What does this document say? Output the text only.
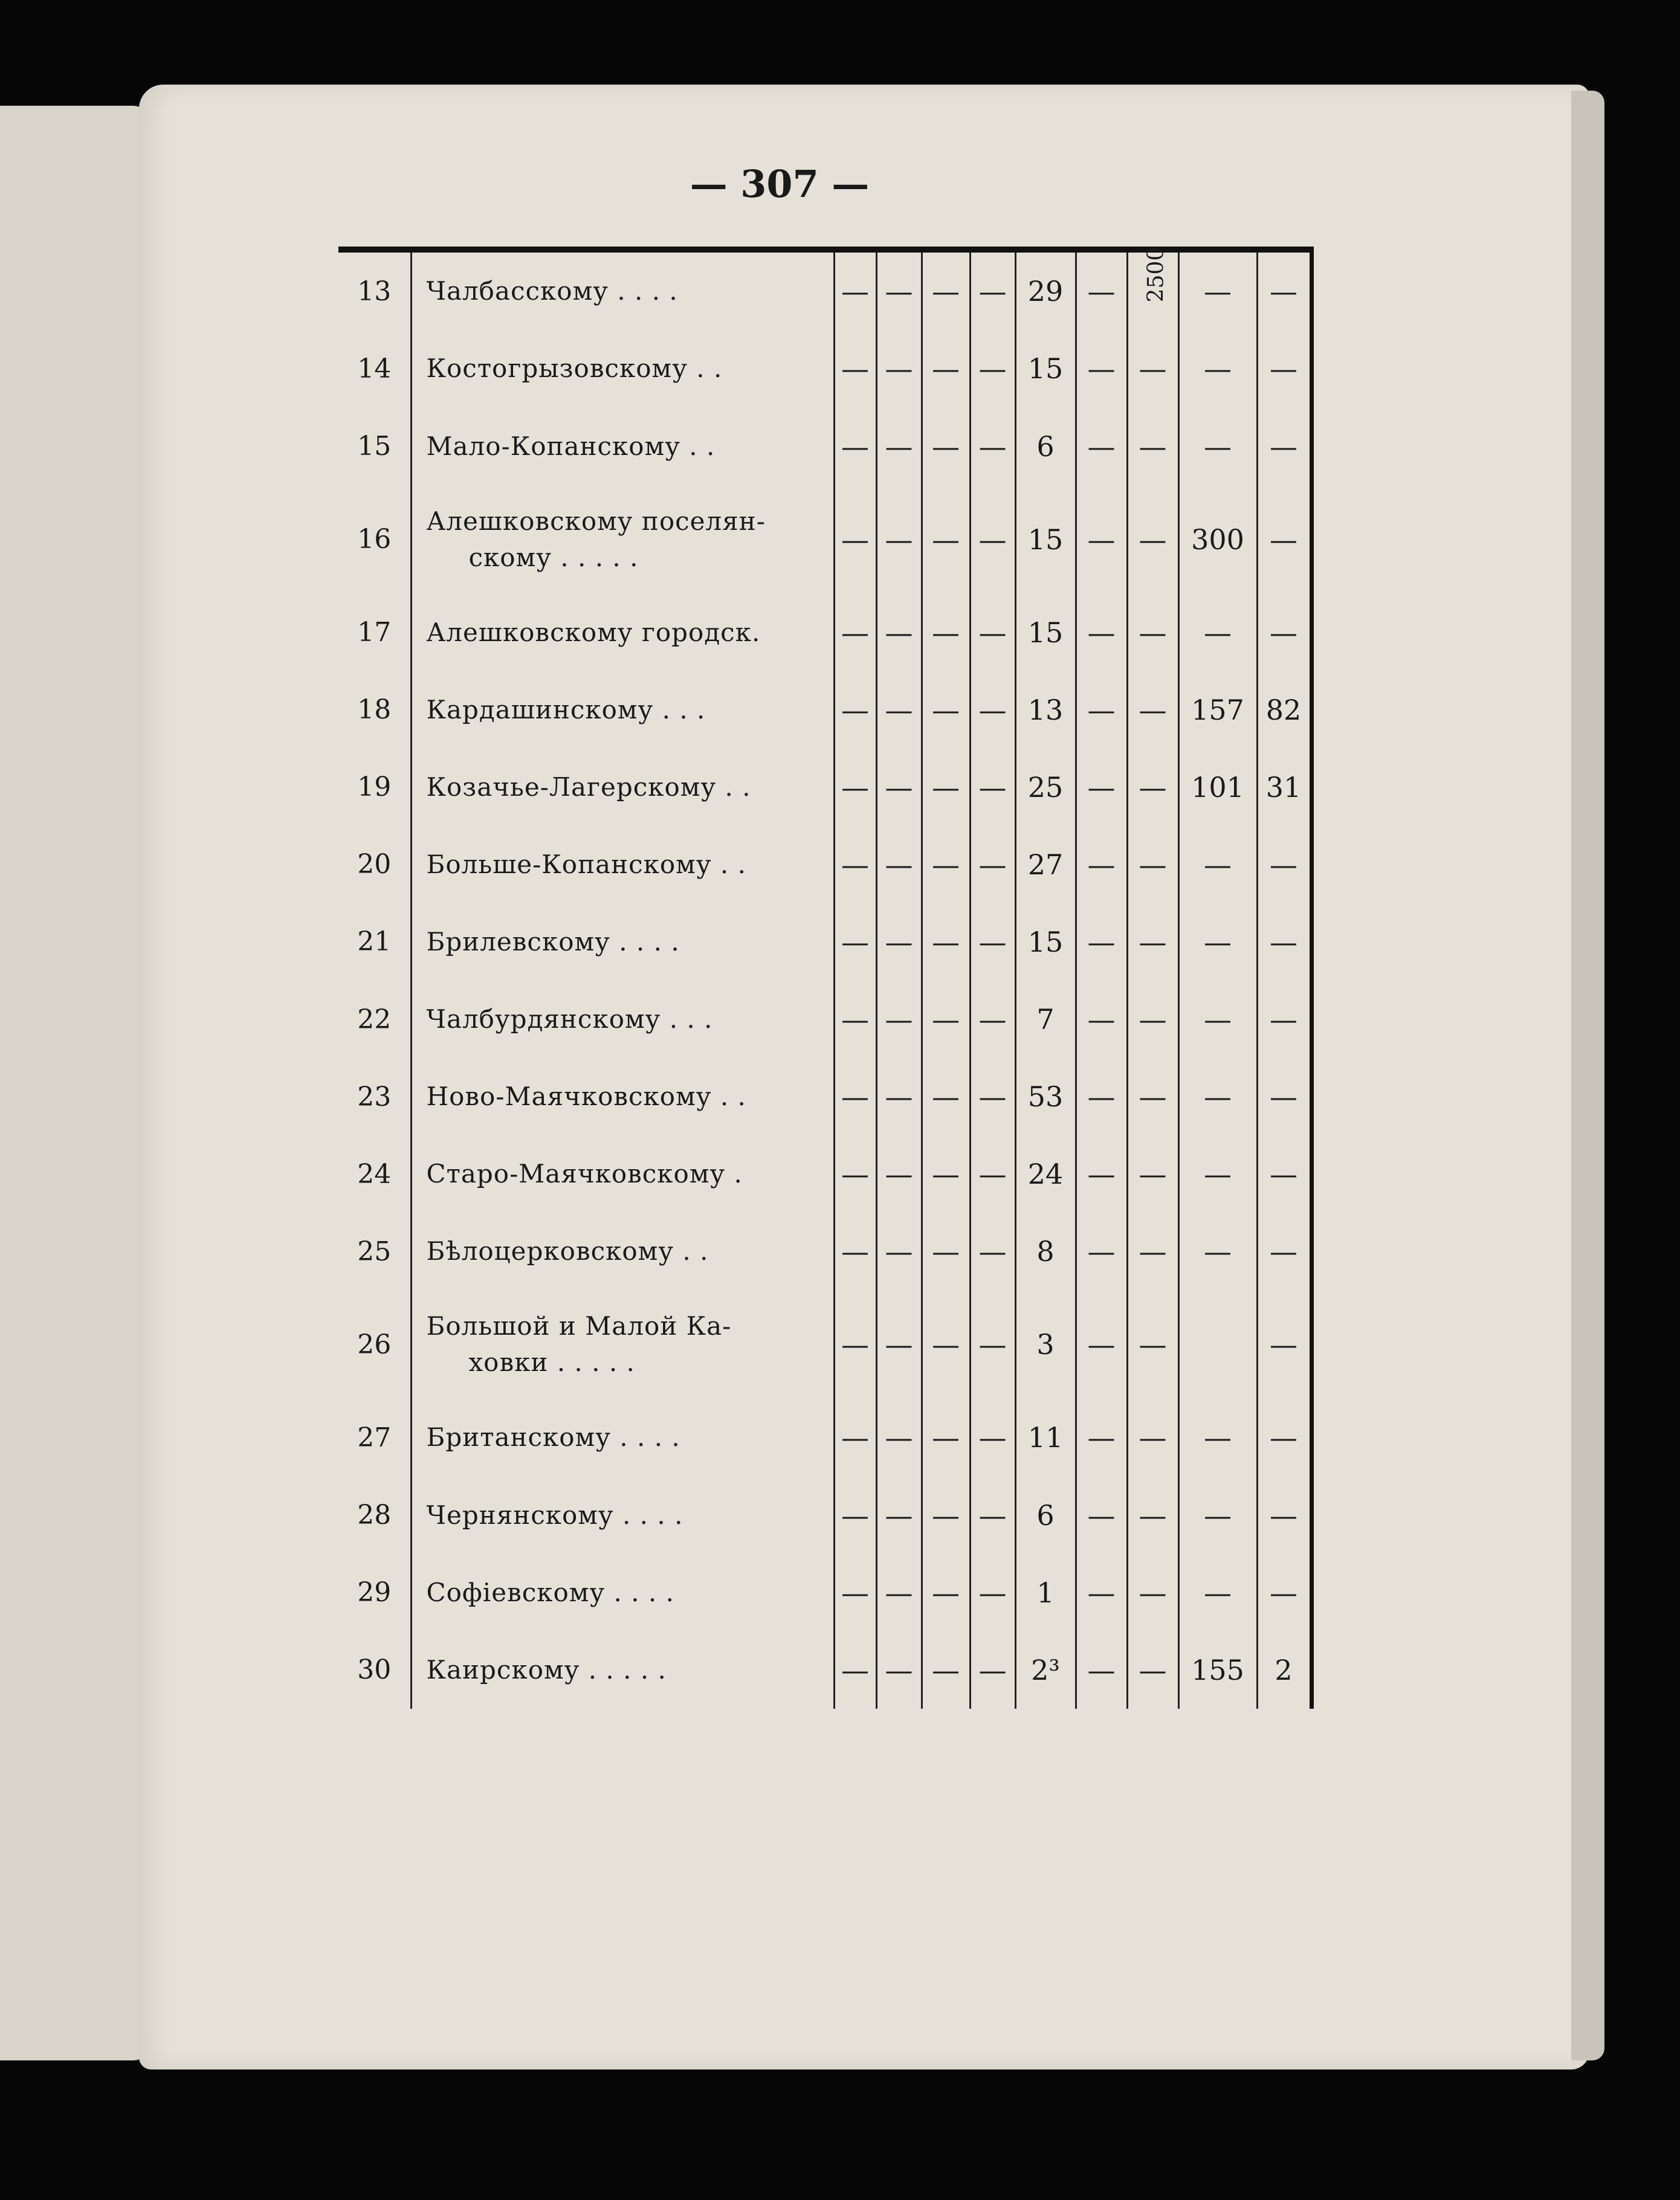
— 307 —
13	Чалбасскому . . . .	—	—	—	—	29	—	2500	—	—
14	Костогрызовскому . .	—	—	—	—	15	—	—	—	—
15	Мало-Копанскому . .	—	—	—	—	6	—	—	—	—
16	Алешковскому поселян-
скому . . . . .	—	—	—	—	15	—	—	300	—
17	Алешковскому городск.	—	—	—	—	15	—	—	—	—
18	Кардашинскому . . .	—	—	—	—	13	—	—	157	82
19	Козачье-Лагерскому . .	—	—	—	—	25	—	—	101	31
20	Больше-Копанскому . .	—	—	—	—	27	—	—	—	—
21	Брилевскому . . . .	—	—	—	—	15	—	—	—	—
22	Чалбурдянскому . . .	—	—	—	—	7	—	—	—	—
23	Ново-Маячковскому . .	—	—	—	—	53	—	—	—	—
24	Старо-Маячковскому .	—	—	—	—	24	—	—	—	—
25	Бѣлоцерковскому . .	—	—	—	—	8	—	—	—	—
26	Большой и Малой Ка-
ховки . . . . .	—	—	—	—	3	—	—		—
27	Британскому . . . .	—	—	—	—	11	—	—	—	—
28	Чернянскому . . . .	—	—	—	—	6	—	—	—	—
29	Софіевскому . . . .	—	—	—	—	1	—	—	—	—
30	Каирскому . . . . .	—	—	—	—	2³	—	—	155	2
